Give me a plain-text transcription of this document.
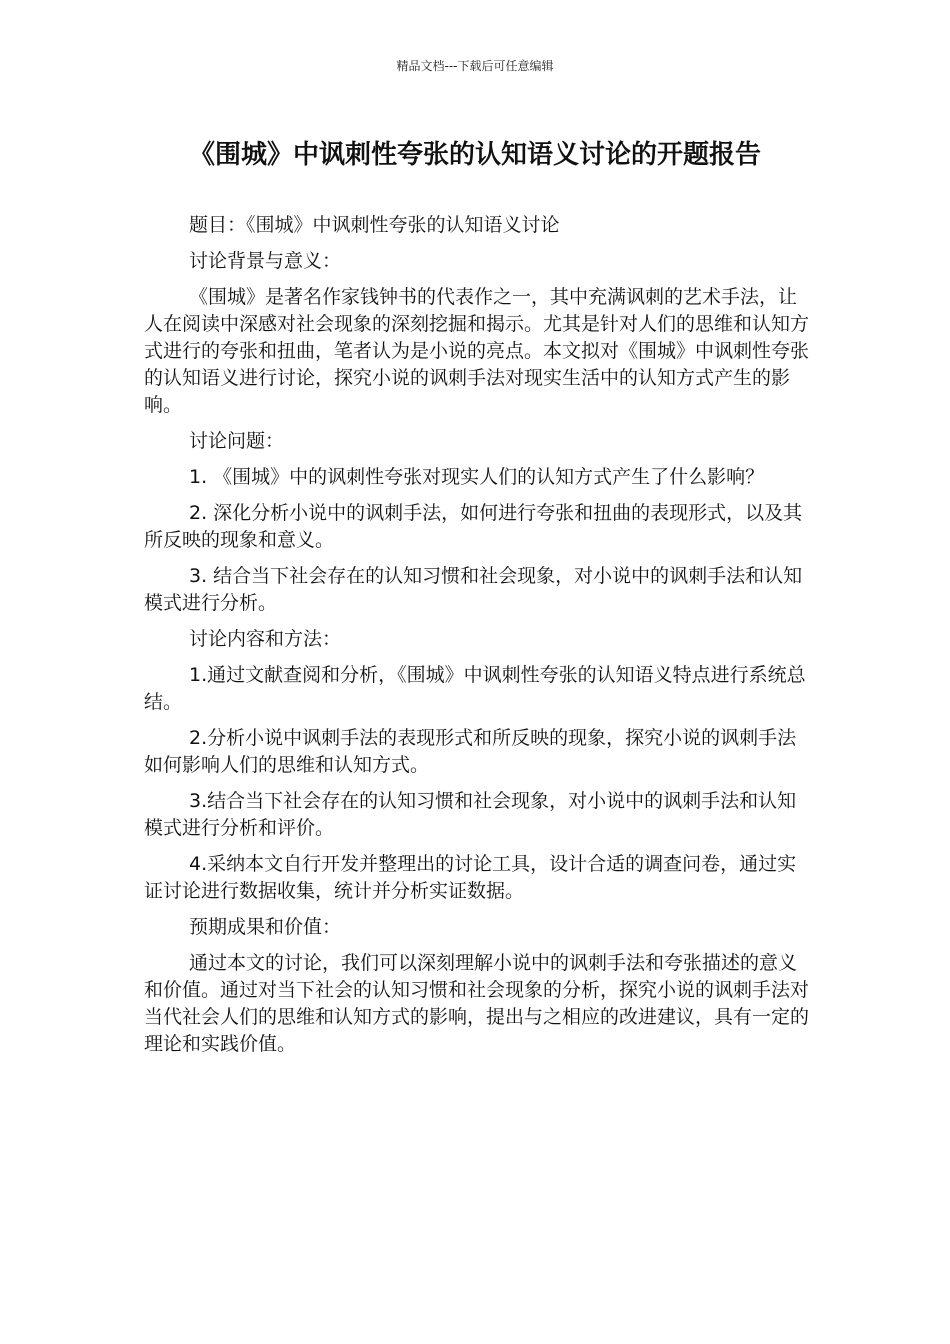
精品文档---下载后可任意编辑
《围城》中讽刺性夸张的认知语义讨论的开题报告

题目：《围城》中讽刺性夸张的认知语义讨论

讨论背景与意义：

《围城》是著名作家钱钟书的代表作之一，其中充满讽刺的艺术手法，让人在阅读中深感对社会现象的深刻挖掘和揭示。尤其是针对人们的思维和认知方式进行的夸张和扭曲，笔者认为是小说的亮点。本文拟对《围城》中讽刺性夸张的认知语义进行讨论，探究小说的讽刺手法对现实生活中的认知方式产生的影响。

讨论问题：

1. 《围城》中的讽刺性夸张对现实人们的认知方式产生了什么影响？

2. 深化分析小说中的讽刺手法，如何进行夸张和扭曲的表现形式，以及其所反映的现象和意义。

3. 结合当下社会存在的认知习惯和社会现象，对小说中的讽刺手法和认知模式进行分析。

讨论内容和方法：

1.通过文献查阅和分析，《围城》中讽刺性夸张的认知语义特点进行系统总结。

2.分析小说中讽刺手法的表现形式和所反映的现象，探究小说的讽刺手法如何影响人们的思维和认知方式。

3.结合当下社会存在的认知习惯和社会现象，对小说中的讽刺手法和认知模式进行分析和评价。

4.采纳本文自行开发并整理出的讨论工具，设计合适的调查问卷，通过实证讨论进行数据收集，统计并分析实证数据。

预期成果和价值：

通过本文的讨论，我们可以深刻理解小说中的讽刺手法和夸张描述的意义和价值。通过对当下社会的认知习惯和社会现象的分析，探究小说的讽刺手法对当代社会人们的思维和认知方式的影响，提出与之相应的改进建议，具有一定的理论和实践价值。
